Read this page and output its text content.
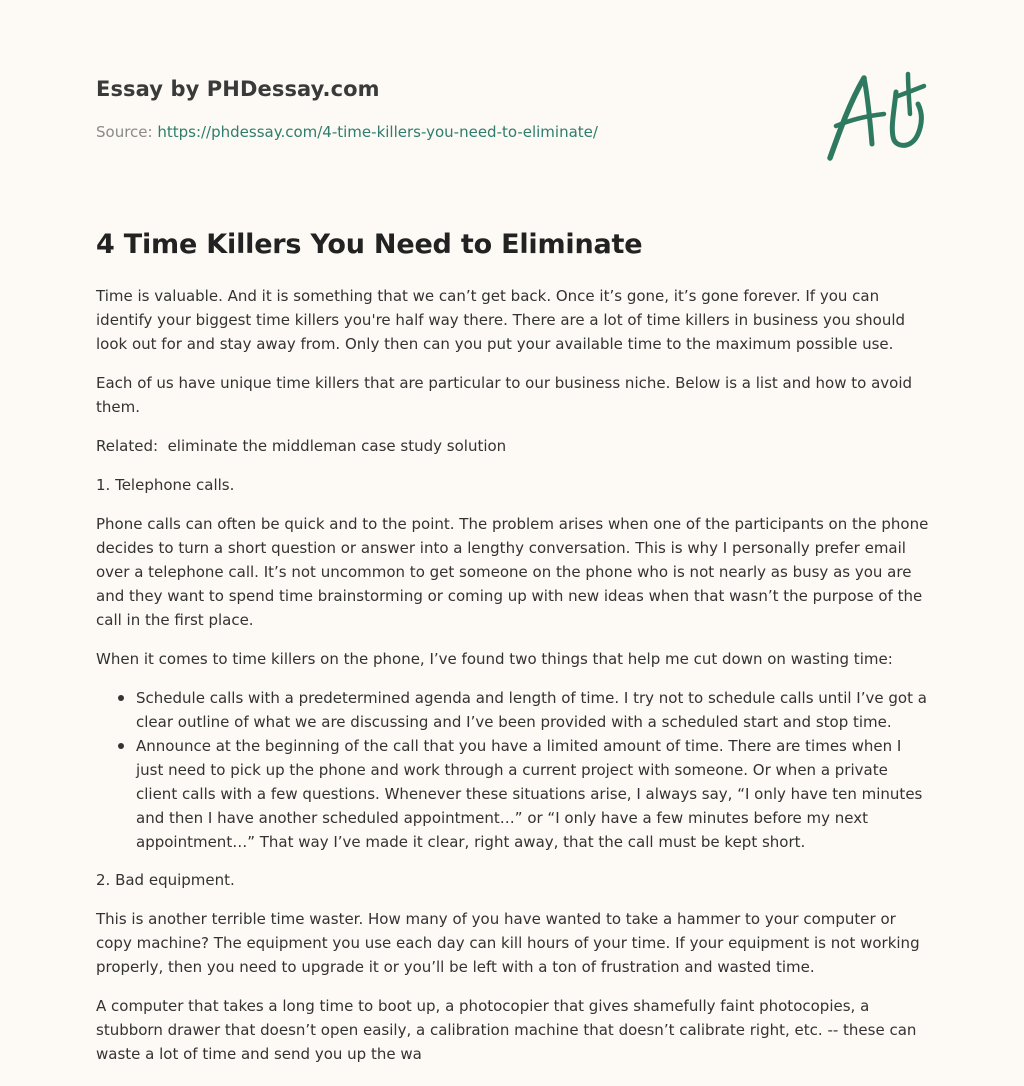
Essay by PHDessay.com
Source: https://phdessay.com/4-time-killers-you-need-to-eliminate/
4 Time Killers You Need to Eliminate

Time is valuable. And it is something that we can’t get back. Once it’s gone, it’s gone forever. If you can identify your biggest time killers you're half way there. There are a lot of time killers in business you should look out for and stay away from. Only then can you put your available time to the maximum possible use.

Each of us have unique time killers that are particular to our business niche. Below is a list and how to avoid them.

Related:  eliminate the middleman case study solution

1. Telephone calls.

Phone calls can often be quick and to the point. The problem arises when one of the participants on the phone decides to turn a short question or answer into a lengthy conversation. This is why I personally prefer email over a telephone call. It’s not uncommon to get someone on the phone who is not nearly as busy as you are and they want to spend time brainstorming or coming up with new ideas when that wasn’t the purpose of the call in the first place.

When it comes to time killers on the phone, I’ve found two things that help me cut down on wasting time:

Schedule calls with a predetermined agenda and length of time. I try not to schedule calls until I’ve got a clear outline of what we are discussing and I’ve been provided with a scheduled start and stop time.
Announce at the beginning of the call that you have a limited amount of time. There are times when I just need to pick up the phone and work through a current project with someone. Or when a private client calls with a few questions. Whenever these situations arise, I always say, “I only have ten minutes and then I have another scheduled appointment…” or “I only have a few minutes before my next appointment…” That way I’ve made it clear, right away, that the call must be kept short.

2. Bad equipment.

This is another terrible time waster. How many of you have wanted to take a hammer to your computer or copy machine? The equipment you use each day can kill hours of your time. If your equipment is not working properly, then you need to upgrade it or you’ll be left with a ton of frustration and wasted time.

A computer that takes a long time to boot up, a photocopier that gives shamefully faint photocopies, a stubborn drawer that doesn’t open easily, a calibration machine that doesn’t calibrate right, etc. -- these can waste a lot of time and send you up the wa
